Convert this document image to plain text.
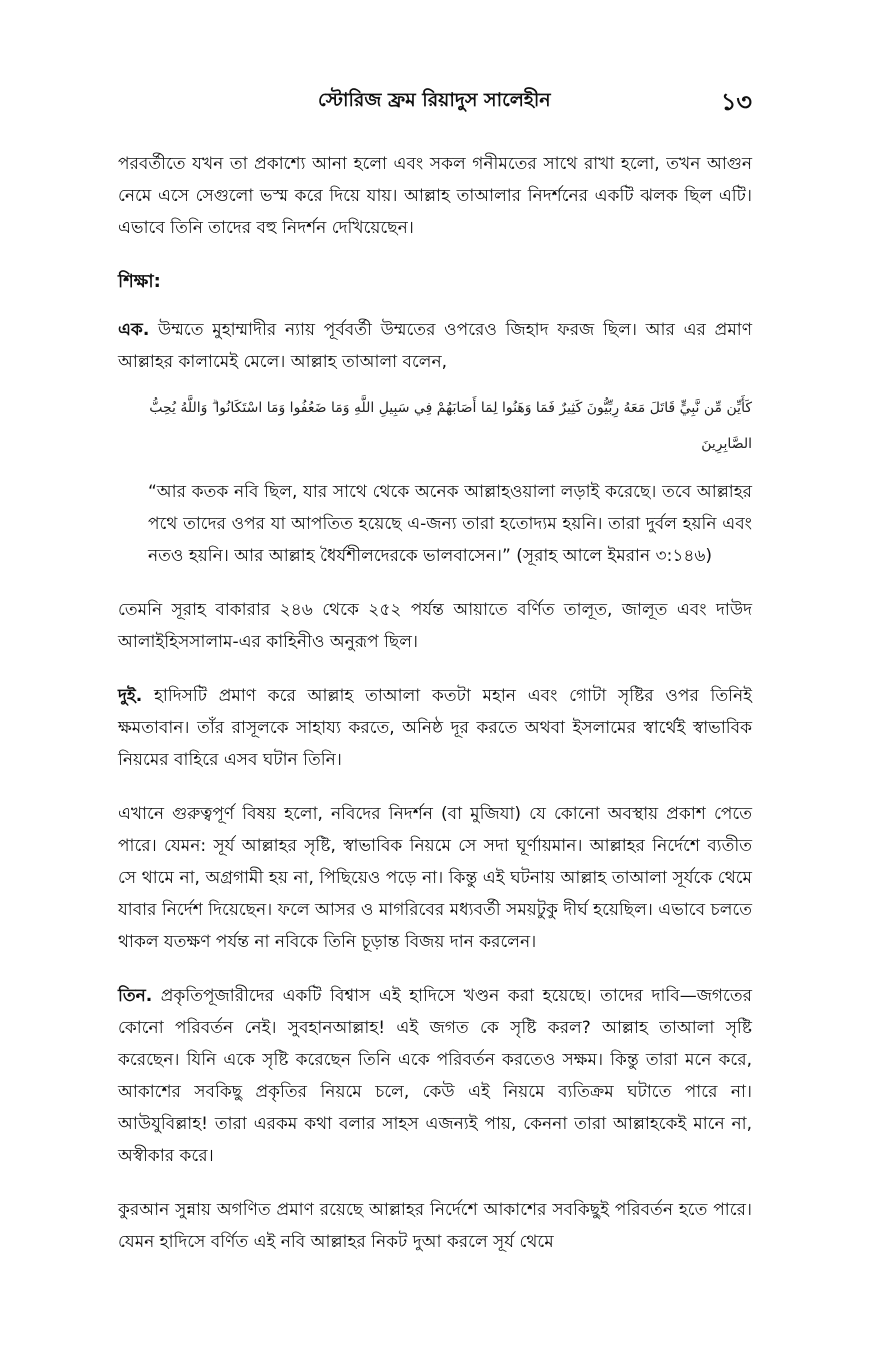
স্টোরিজ ফ্রম রিয়াদুস সালেহীন	১৩

পরবর্তীতে যখন তা প্রকাশ্যে আনা হলো এবং সকল গনীমতের সাথে রাখা হলো, তখন আগুন নেমে এসে সেগুলো ভস্ম করে দিয়ে যায়। আল্লাহ তাআলার নিদর্শনের একটি ঝলক ছিল এটি। এভাবে তিনি তাদের বহু নিদর্শন দেখিয়েছেন।

শিক্ষা:

এক. উম্মতে মুহাম্মাদীর ন্যায় পূর্ববর্তী উম্মতের ওপরেও জিহাদ ফরজ ছিল। আর এর প্রমাণ আল্লাহর কালামেই মেলে। আল্লাহ তাআলা বলেন,

كَأَيِّن مِّن نَّبِيٍّ قَاتَلَ مَعَهُ رِبِّيُّونَ كَثِيرٌ فَمَا وَهَنُوا لِمَا أَصَابَهُمْ فِي سَبِيلِ اللَّهِ وَمَا ضَعُفُوا وَمَا اسْتَكَانُوا ۗ وَاللَّهُ يُحِبُّ الصَّابِرِينَ

“আর কতক নবি ছিল, যার সাথে থেকে অনেক আল্লাহওয়ালা লড়াই করেছে। তবে আল্লাহর পথে তাদের ওপর যা আপতিত হয়েছে এ-জন্য তারা হতোদ্যম হয়নি। তারা দুর্বল হয়নি এবং নতও হয়নি। আর আল্লাহ ধৈর্যশীলদেরকে ভালবাসেন।” (সূরাহ আলে ইমরান ৩:১৪৬)

তেমনি সূরাহ বাকারার ২৪৬ থেকে ২৫২ পর্যন্ত আয়াতে বর্ণিত তালূত, জালূত এবং দাউদ আলাইহিসসালাম-এর কাহিনীও অনুরূপ ছিল।

দুই. হাদিসটি প্রমাণ করে আল্লাহ তাআলা কতটা মহান এবং গোটা সৃষ্টির ওপর তিনিই ক্ষমতাবান। তাঁর রাসূলকে সাহায্য করতে, অনিষ্ঠ দূর করতে অথবা ইসলামের স্বার্থেই স্বাভাবিক নিয়মের বাহিরে এসব ঘটান তিনি।

এখানে গুরুত্বপূর্ণ বিষয় হলো, নবিদের নিদর্শন (বা মুজিযা) যে কোনো অবস্থায় প্রকাশ পেতে পারে। যেমন: সূর্য আল্লাহর সৃষ্টি, স্বাভাবিক নিয়মে সে সদা ঘূর্ণায়মান। আল্লাহর নির্দেশে ব্যতীত সে থামে না, অগ্রগামী হয় না, পিছিয়েও পড়ে না। কিন্তু এই ঘটনায় আল্লাহ তাআলা সূর্যকে থেমে যাবার নির্দেশ দিয়েছেন। ফলে আসর ও মাগরিবের মধ্যবর্তী সময়টুকু দীর্ঘ হয়েছিল। এভাবে চলতে থাকল যতক্ষণ পর্যন্ত না নবিকে তিনি চূড়ান্ত বিজয় দান করলেন।

তিন. প্রকৃতিপূজারীদের একটি বিশ্বাস এই হাদিসে খণ্ডন করা হয়েছে। তাদের দাবি—জগতের কোনো পরিবর্তন নেই। সুবহানআল্লাহ! এই জগত কে সৃষ্টি করল? আল্লাহ তাআলা সৃষ্টি করেছেন। যিনি একে সৃষ্টি করেছেন তিনি একে পরিবর্তন করতেও সক্ষম। কিন্তু তারা মনে করে, আকাশের সবকিছু প্রকৃতির নিয়মে চলে, কেউ এই নিয়মে ব্যতিক্রম ঘটাতে পারে না। আউযুবিল্লাহ! তারা এরকম কথা বলার সাহস এজন্যই পায়, কেননা তারা আল্লাহকেই মানে না, অস্বীকার করে।

কুরআন সুন্নায় অগণিত প্রমাণ রয়েছে আল্লাহর নির্দেশে আকাশের সবকিছুই পরিবর্তন হতে পারে। যেমন হাদিসে বর্ণিত এই নবি আল্লাহর নিকট দুআ করলে সূর্য থেমে
